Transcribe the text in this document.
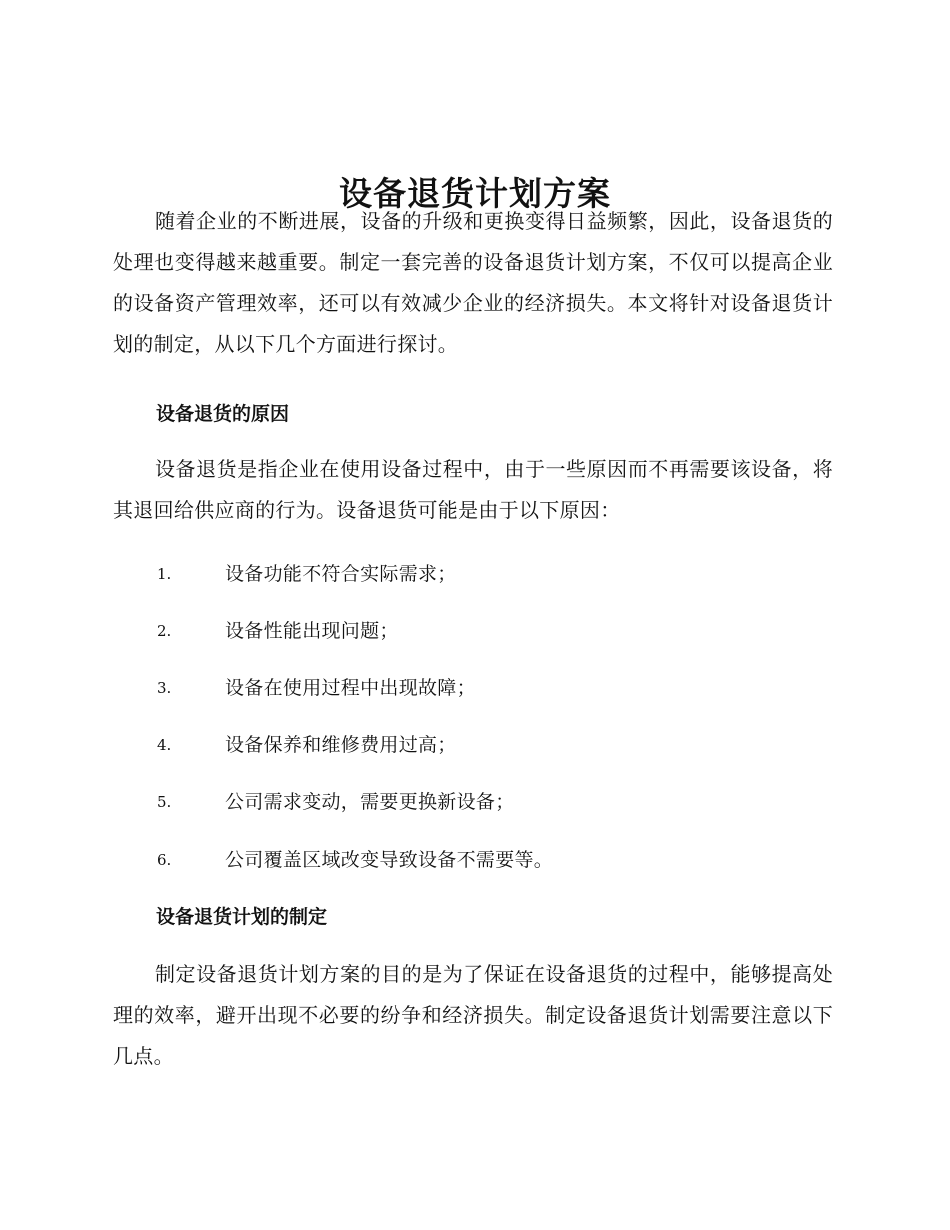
设备退货计划方案

随着企业的不断进展，设备的升级和更换变得日益频繁，因此，设备退货的处理也变得越来越重要。制定一套完善的设备退货计划方案，不仅可以提高企业的设备资产管理效率，还可以有效减少企业的经济损失。本文将针对设备退货计划的制定，从以下几个方面进行探讨。

设备退货的原因

设备退货是指企业在使用设备过程中，由于一些原因而不再需要该设备，将其退回给供应商的行为。设备退货可能是由于以下原因：

1.	设备功能不符合实际需求；
2.	设备性能出现问题；
3.	设备在使用过程中出现故障；
4.	设备保养和维修费用过高；
5.	公司需求变动，需要更换新设备；
6.	公司覆盖区域改变导致设备不需要等。
设备退货计划的制定

制定设备退货计划方案的目的是为了保证在设备退货的过程中，能够提高处理的效率，避开出现不必要的纷争和经济损失。制定设备退货计划需要注意以下几点。
